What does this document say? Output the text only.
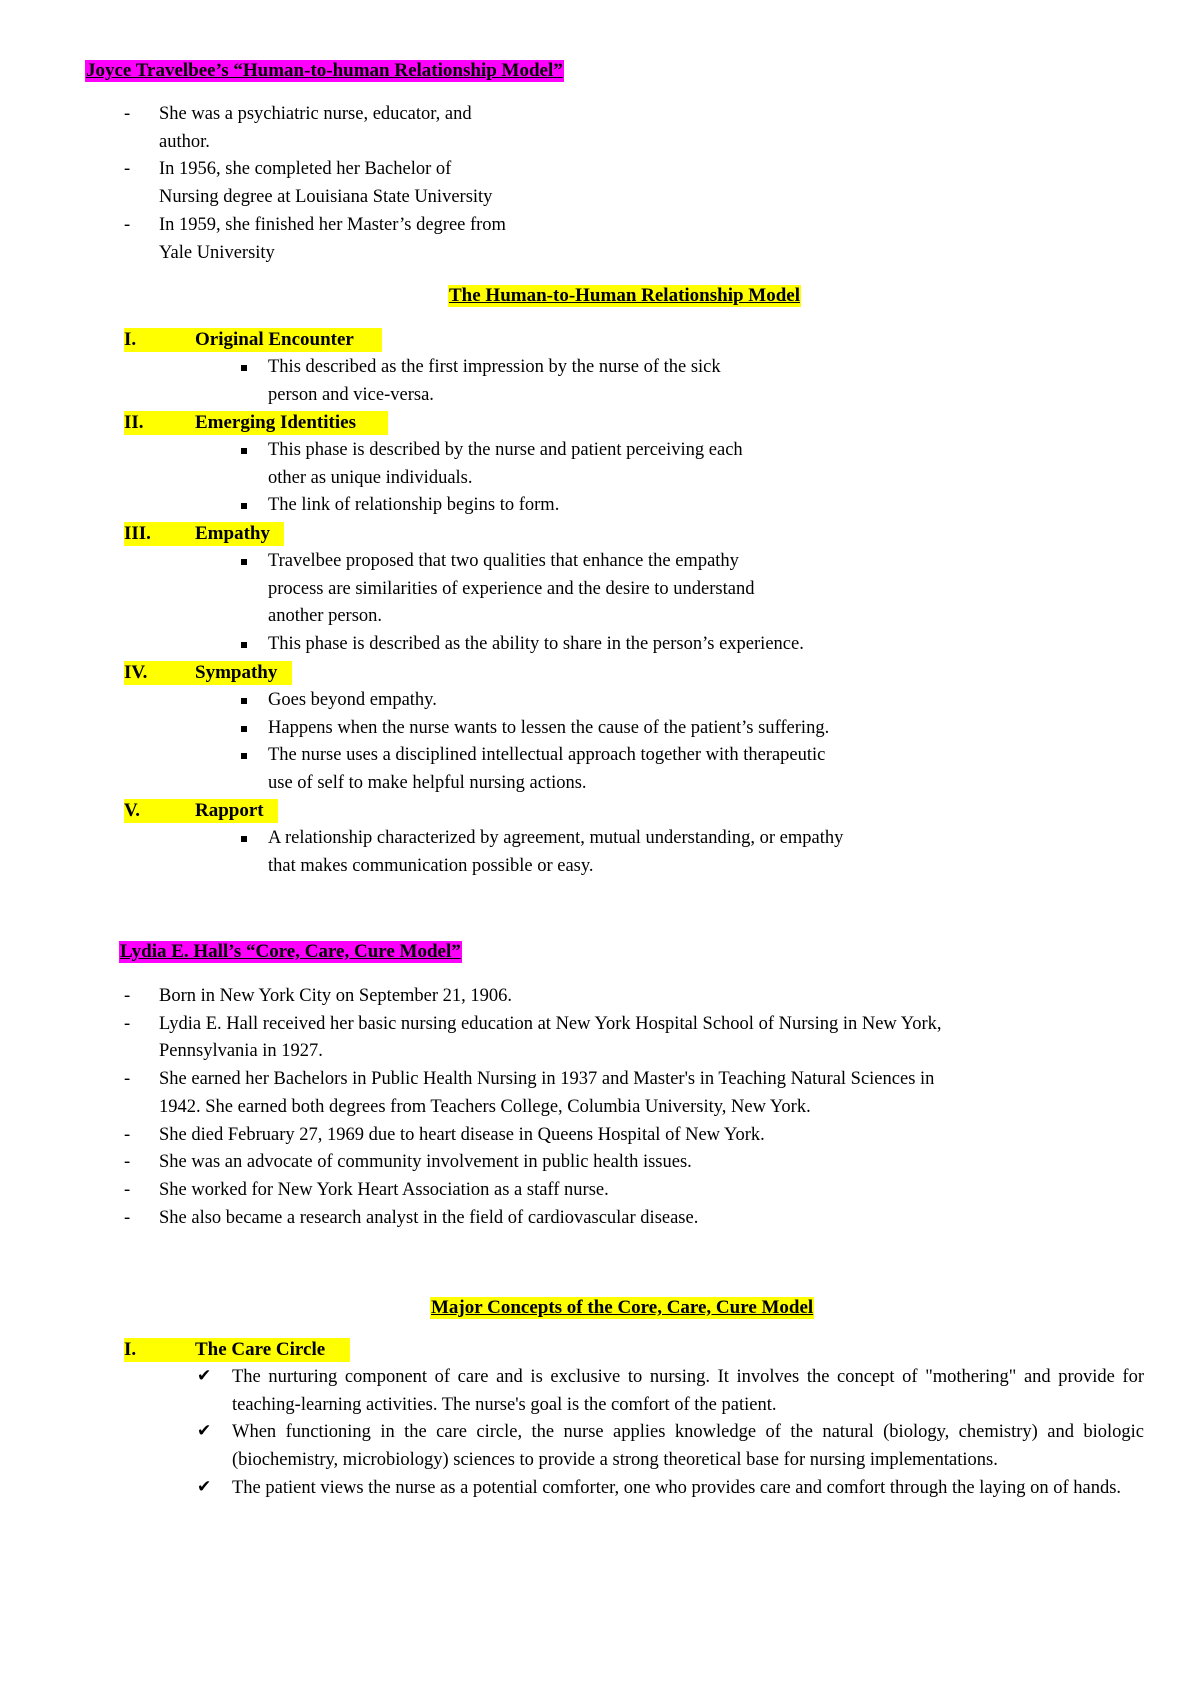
Joyce Travelbee’s “Human-to-human Relationship Model”
- She was a psychiatric nurse, educator, and
author.
- In 1956, she completed her Bachelor of
Nursing degree at Louisiana State University
- In 1959, she finished her Master’s degree from
Yale University
The Human-to-Human Relationship Model
I.	Original Encounter
This described as the first impression by the nurse of the sick
person and vice-versa.
II.	Emerging Identities
This phase is described by the nurse and patient perceiving each
other as unique individuals.
The link of relationship begins to form.
III. Empathy
Travelbee proposed that two qualities that enhance the empathy
process are similarities of experience and the desire to understand
another person.
This phase is described as the ability to share in the person’s experience.
IV.	Sympathy
Goes beyond empathy.
Happens when the nurse wants to lessen the cause of the patient’s suffering.
The nurse uses a disciplined intellectual approach together with therapeutic
use of self to make helpful nursing actions.
V.	Rapport
A relationship characterized by agreement, mutual understanding, or empathy
that makes communication possible or easy.
Lydia E. Hall’s “Core, Care, Cure Model”
- Born in New York City on September 21, 1906.
- Lydia E. Hall received her basic nursing education at New York Hospital School of Nursing in New York,
Pennsylvania in 1927.
- She earned her Bachelors in Public Health Nursing in 1937 and Master's in Teaching Natural Sciences in
1942. She earned both degrees from Teachers College, Columbia University, New York.
- She died February 27, 1969 due to heart disease in Queens Hospital of New York.
- She was an advocate of community involvement in public health issues.
- She worked for New York Heart Association as a staff nurse.
- She also became a research analyst in the field of cardiovascular disease.
Major Concepts of the Core, Care, Cure Model
I.	The Care Circle
✔ The nurturing component of care and is exclusive to nursing. It involves the concept of "mothering" and provide for teaching-learning activities. The nurse's goal is the comfort of the patient.
✔ When functioning in the care circle, the nurse applies knowledge of the natural (biology, chemistry) and biologic (biochemistry, microbiology) sciences to provide a strong theoretical base for nursing implementations.
✔ The patient views the nurse as a potential comforter, one who provides care and comfort through the laying on of hands.
